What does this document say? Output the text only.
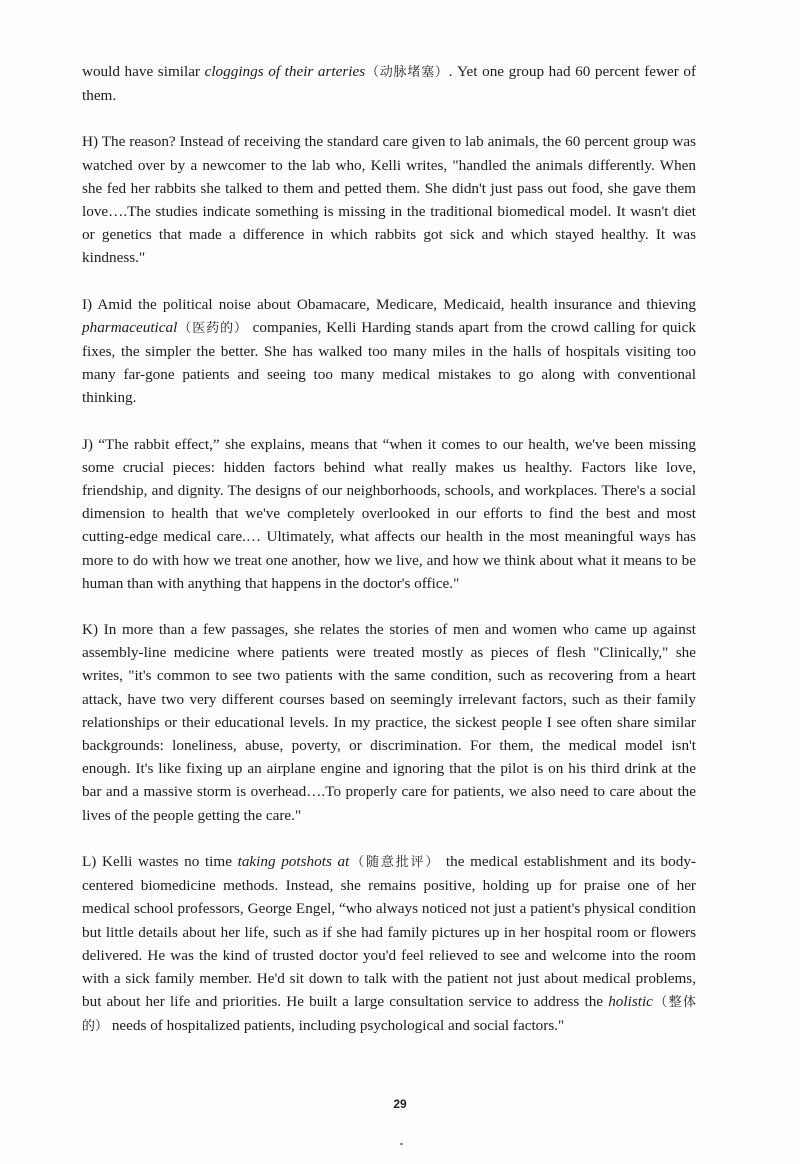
would have similar cloggings of their arteries（动脉堵塞）. Yet one group had 60 percent fewer of them.

H) The reason? Instead of receiving the standard care given to lab animals, the 60 percent group was watched over by a newcomer to the lab who, Kelli writes, "handled the animals differently. When she fed her rabbits she talked to them and petted them. She didn't just pass out food, she gave them love….The studies indicate something is missing in the traditional biomedical model. It wasn't diet or genetics that made a difference in which rabbits got sick and which stayed healthy. It was kindness."

I) Amid the political noise about Obamacare, Medicare, Medicaid, health insurance and thieving pharmaceutical（医药的） companies, Kelli Harding stands apart from the crowd calling for quick fixes, the simpler the better. She has walked too many miles in the halls of hospitals visiting too many far-gone patients and seeing too many medical mistakes to go along with conventional thinking.

J) “The rabbit effect,” she explains, means that “when it comes to our health, we've been missing some crucial pieces: hidden factors behind what really makes us healthy. Factors like love, friendship, and dignity. The designs of our neighborhoods, schools, and workplaces. There's a social dimension to health that we've completely overlooked in our efforts to find the best and most cutting-edge medical care.… Ultimately, what affects our health in the most meaningful ways has more to do with how we treat one another, how we live, and how we think about what it means to be human than with anything that happens in the doctor's office."

K) In more than a few passages, she relates the stories of men and women who came up against assembly-line medicine where patients were treated mostly as pieces of flesh "Clinically," she writes, "it's common to see two patients with the same condition, such as recovering from a heart attack, have two very different courses based on seemingly irrelevant factors, such as their family relationships or their educational levels. In my practice, the sickest people I see often share similar backgrounds: loneliness, abuse, poverty, or discrimination. For them, the medical model isn't enough. It's like fixing up an airplane engine and ignoring that the pilot is on his third drink at the bar and a massive storm is overhead….To properly care for patients, we also need to care about the lives of the people getting the care."

L) Kelli wastes no time taking potshots at（随意批评） the medical establishment and its body-centered biomedicine methods. Instead, she remains positive, holding up for praise one of her medical school professors, George Engel, “who always noticed not just a patient's physical condition but little details about her life, such as if she had family pictures up in her hospital room or flowers delivered. He was the kind of trusted doctor you'd feel relieved to see and welcome into the room with a sick family member. He'd sit down to talk with the patient not just about medical problems, but about her life and priorities. He built a large consultation service to address the holistic（整体的） needs of hospitalized patients, including psychological and social factors."

29
